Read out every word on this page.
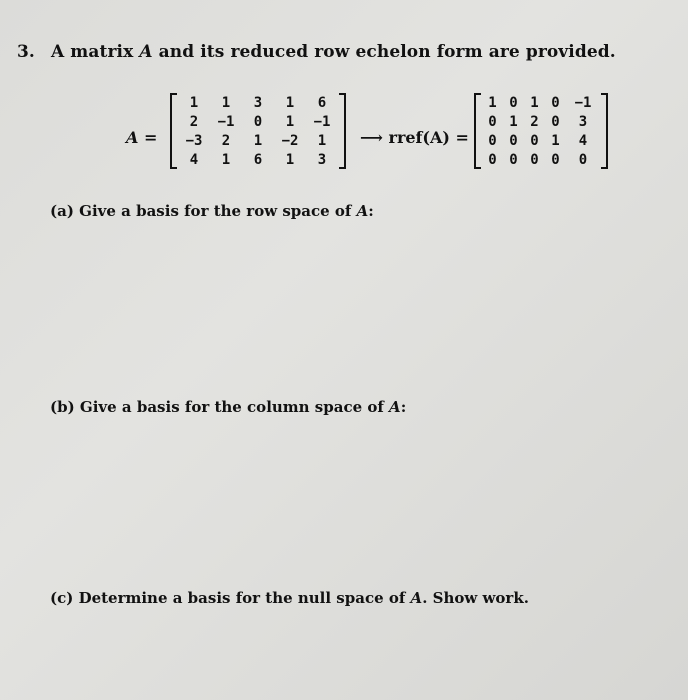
3. A matrix A and its reduced row echelon form are provided.
A =
1	1	3	1	6
2	−1	0	1	−1
−3	2	1	−2	1
4	1	6	1	3
⟶ rref(A) =
1	0	1	0	−1
0	1	2	0	3
0	0	0	1	4
0	0	0	0	0
(a) Give a basis for the row space of A:
(b) Give a basis for the column space of A:
(c) Determine a basis for the null space of A. Show work.
